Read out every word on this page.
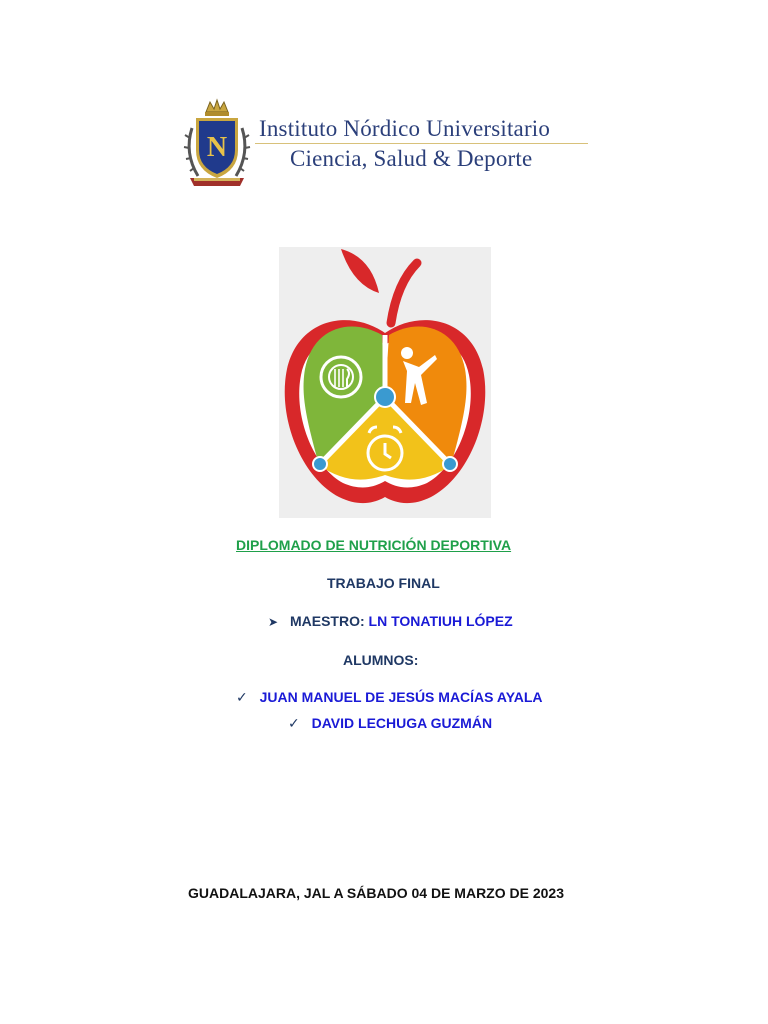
N
Instituto Nórdico Universitario
Ciencia, Salud & Deporte
DIPLOMADO DE NUTRICIÓN DEPORTIVA
TRABAJO FINAL
➤ MAESTRO: LN TONATIUH LÓPEZ
ALUMNOS:
✓ JUAN MANUEL DE JESÚS MACÍAS AYALA
✓ DAVID LECHUGA GUZMÁN
GUADALAJARA, JAL A SÁBADO 04 DE MARZO DE 2023
